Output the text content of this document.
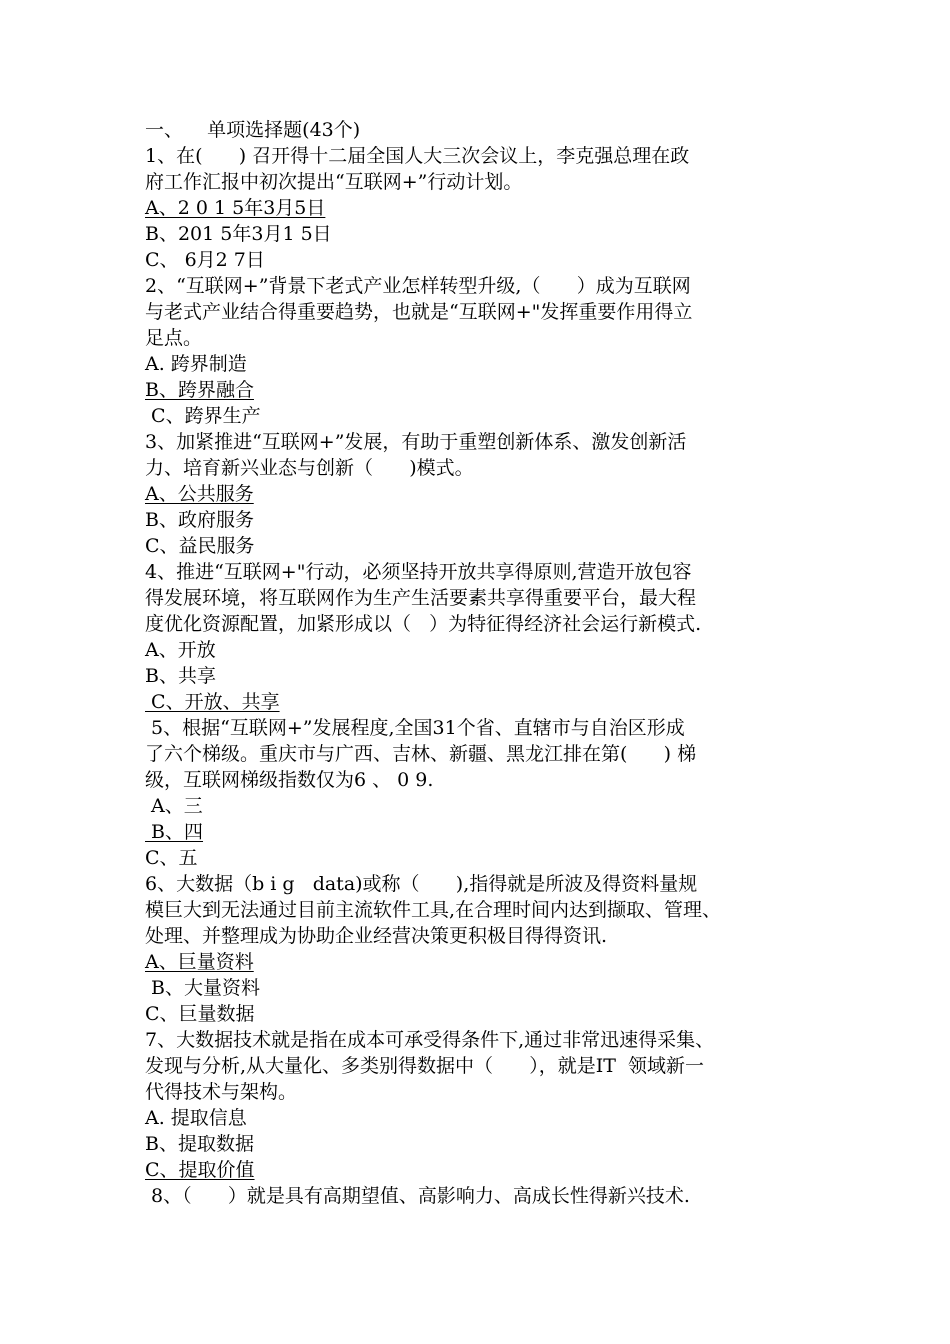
一、    单项选择题(43个)
1、在(      ) 召开得十二届全国人大三次会议上，李克强总理在政
府工作汇报中初次提出“互联网+”行动计划。
A、2 0 1 5年3月5日
B、201 5年3月1 5日
C、 6月2 7日
2、“互联网+”背景下老式产业怎样转型升级,（      ）成为互联网
与老式产业结合得重要趋势，也就是“互联网+"发挥重要作用得立
足点。
A. 跨界制造
B、跨界融合
C、跨界生产
3、加紧推进“互联网+”发展，有助于重塑创新体系、激发创新活
力、培育新兴业态与创新（      )模式。
A、公共服务
B、政府服务
C、益民服务
4、推进“互联网+"行动，必须坚持开放共享得原则,营造开放包容
得发展环境，将互联网作为生产生活要素共享得重要平台，最大程
度优化资源配置，加紧形成以（   ）为特征得经济社会运行新模式.
A、开放
B、共享
C、开放、共享
5、根据“互联网+”发展程度,全国31个省、直辖市与自治区形成
了六个梯级。重庆市与广西、吉林、新疆、黑龙江排在第(      ) 梯
级，互联网梯级指数仅为6 、 0 9.
A、三
B、四
C、五
6、大数据（b i g   data)或称（      ),指得就是所波及得资料量规
模巨大到无法通过目前主流软件工具,在合理时间内达到撷取、管理、
处理、并整理成为协助企业经营决策更积极目得得资讯.
A、巨量资料
B、大量资料
C、巨量数据
7、大数据技术就是指在成本可承受得条件下,通过非常迅速得采集、
发现与分析,从大量化、多类别得数据中（      ），就是IT  领域新一
代得技术与架构。
A. 提取信息
B、提取数据
C、提取价值
8、（      ）就是具有高期望值、高影响力、高成长性得新兴技术.
